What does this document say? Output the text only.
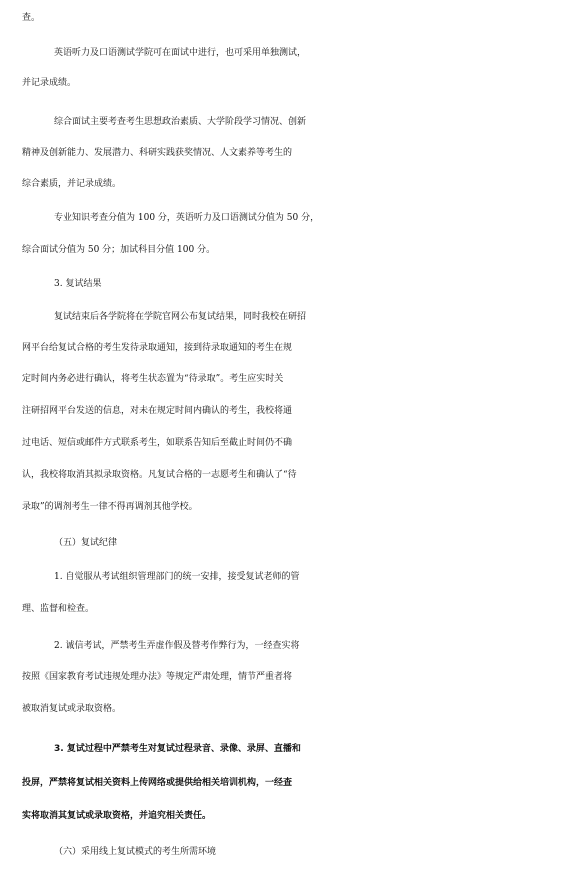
查。
英语听力及口语测试学院可在面试中进行，也可采用单独测试，
并记录成绩。
综合面试主要考查考生思想政治素质、大学阶段学习情况、创新
精神及创新能力、发展潜力、科研实践获奖情况、人文素养等考生的
综合素质，并记录成绩。
专业知识考查分值为 100 分，英语听力及口语测试分值为 50 分，
综合面试分值为 50 分；加试科目分值 100 分。
3. 复试结果
复试结束后各学院将在学院官网公布复试结果，同时我校在研招
网平台给复试合格的考生发待录取通知，接到待录取通知的考生在规
定时间内务必进行确认，将考生状态置为“待录取”。考生应实时关
注研招网平台发送的信息，对未在规定时间内确认的考生，我校将通
过电话、短信或邮件方式联系考生，如联系告知后至截止时间仍不确
认，我校将取消其拟录取资格。凡复试合格的一志愿考生和确认了“待
录取”的调剂考生一律不得再调剂其他学校。
（五）复试纪律
1. 自觉服从考试组织管理部门的统一安排，接受复试老师的管
理、监督和检查。
2. 诚信考试，严禁考生弄虚作假及替考作弊行为，一经查实将
按照《国家教育考试违规处理办法》等规定严肃处理，情节严重者将
被取消复试或录取资格。
3. 复试过程中严禁考生对复试过程录音、录像、录屏、直播和
投屏，严禁将复试相关资料上传网络或提供给相关培训机构，一经查
实将取消其复试或录取资格，并追究相关责任。
（六）采用线上复试模式的考生所需环境
